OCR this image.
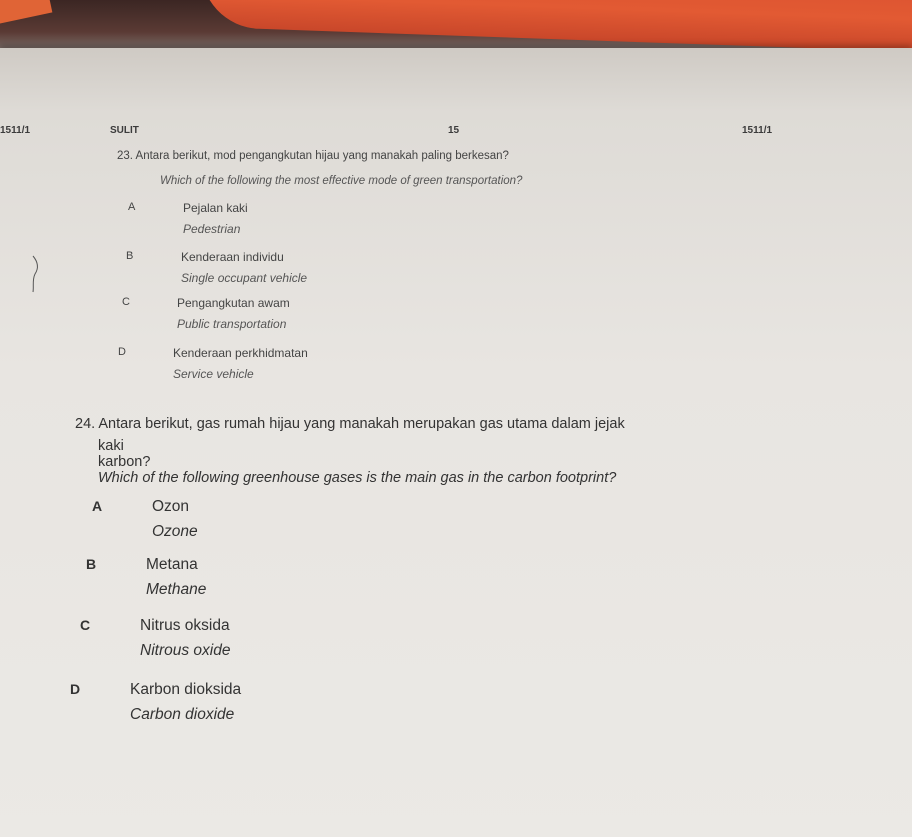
1511/1	SULIT	15	1511/1
23. Antara berikut, mod pengangkutan hijau yang manakah paling berkesan?
Which of the following the most effective mode of green transportation?
A	Pejalan kaki
Pedestrian
B	Kenderaan individu
Single occupant vehicle
C	Pengangkutan awam
Public transportation
D	Kenderaan perkhidmatan
Service vehicle
24. Antara berikut, gas rumah hijau yang manakah merupakan gas utama dalam jejak
kaki karbon?
Which of the following greenhouse gases is the main gas in the carbon footprint?
A	Ozon
Ozone
B	Metana
Methane
C	Nitrus oksida
Nitrous oxide
D	Karbon dioksida
Carbon dioxide
